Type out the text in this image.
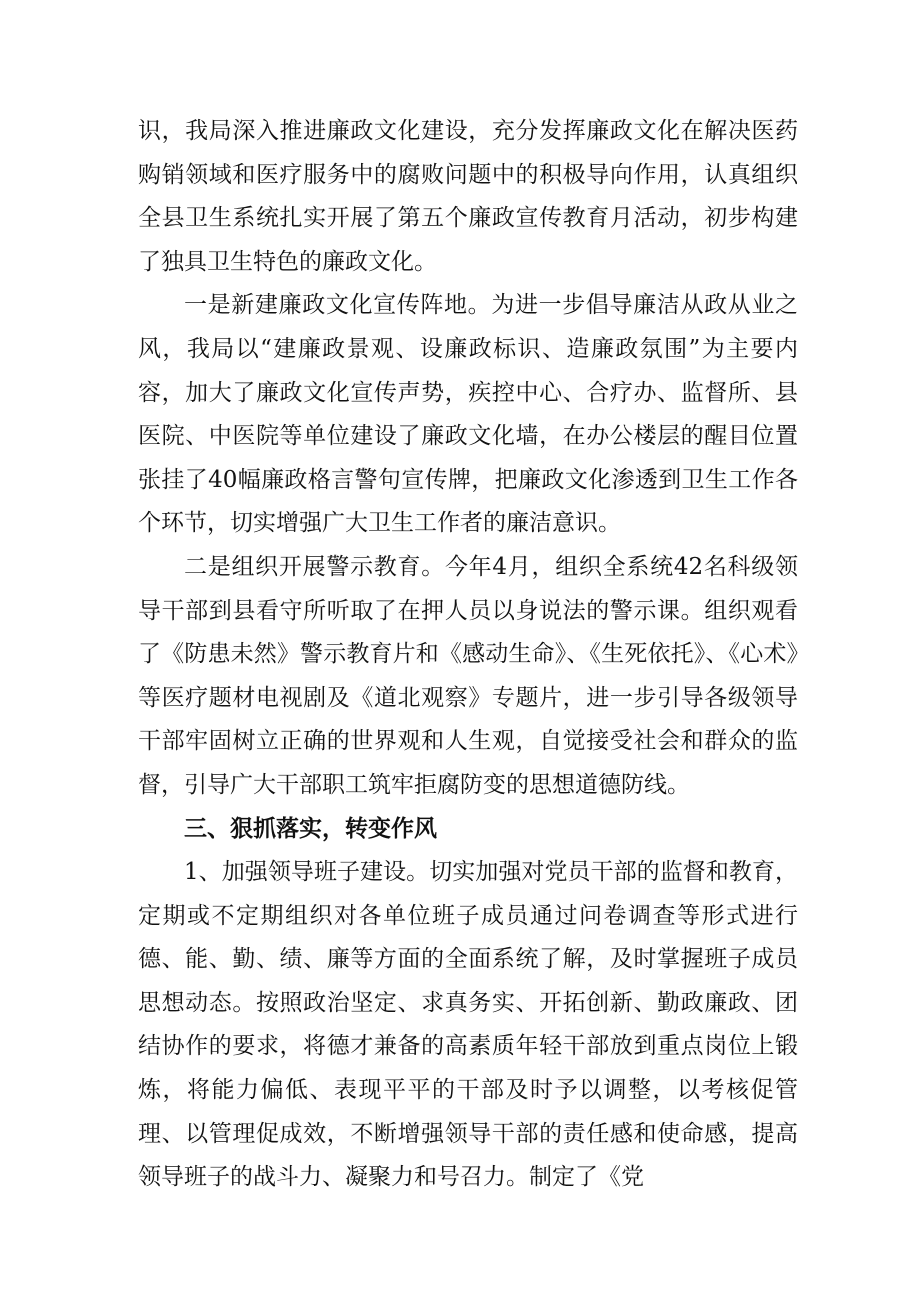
识，我局深入推进廉政文化建设，充分发挥廉政文化在解决医药购销领域和医疗服务中的腐败问题中的积极导向作用，认真组织全县卫生系统扎实开展了第五个廉政宣传教育月活动，初步构建了独具卫生特色的廉政文化。

一是新建廉政文化宣传阵地。为进一步倡导廉洁从政从业之风，我局以“建廉政景观、设廉政标识、造廉政氛围”为主要内容，加大了廉政文化宣传声势，疾控中心、合疗办、监督所、县医院、中医院等单位建设了廉政文化墙，在办公楼层的醒目位置张挂了40幅廉政格言警句宣传牌，把廉政文化渗透到卫生工作各个环节，切实增强广大卫生工作者的廉洁意识。

二是组织开展警示教育。今年4月，组织全系统42名科级领导干部到县看守所听取了在押人员以身说法的警示课。组织观看了《防患未然》警示教育片和《感动生命》、《生死依托》、《心术》等医疗题材电视剧及《道北观察》专题片，进一步引导各级领导干部牢固树立正确的世界观和人生观，自觉接受社会和群众的监督，引导广大干部职工筑牢拒腐防变的思想道德防线。

三、狠抓落实，转变作风

1、加强领导班子建设。切实加强对党员干部的监督和教育，定期或不定期组织对各单位班子成员通过问卷调查等形式进行德、能、勤、绩、廉等方面的全面系统了解，及时掌握班子成员思想动态。按照政治坚定、求真务实、开拓创新、勤政廉政、团结协作的要求，将德才兼备的高素质年轻干部放到重点岗位上锻炼，将能力偏低、表现平平的干部及时予以调整，以考核促管理、以管理促成效，不断增强领导干部的责任感和使命感，提高领导班子的战斗力、凝聚力和号召力。制定了《党
